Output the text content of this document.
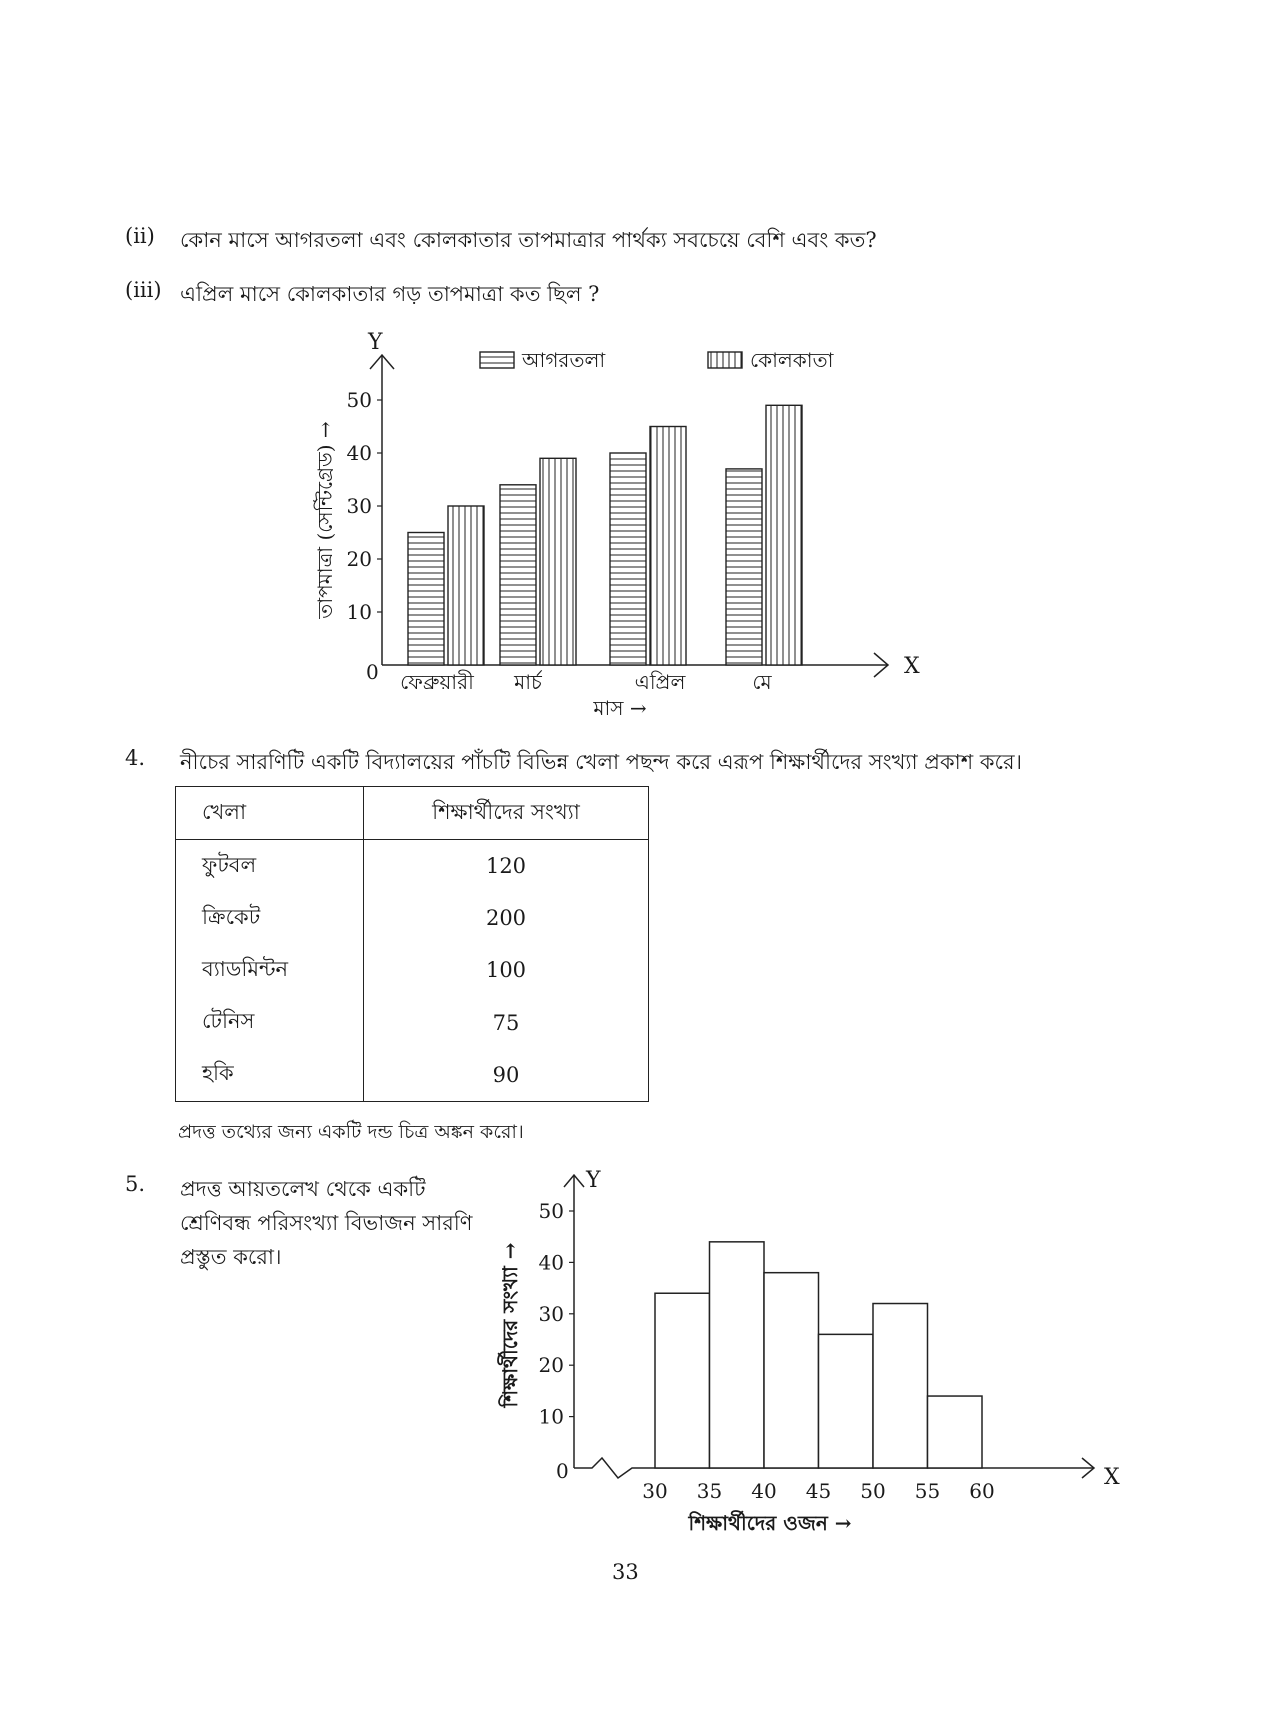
(ii) কোন মাসে আগরতলা এবং কোলকাতার তাপমাত্রার পার্থক্য সবচেয়ে বেশি এবং কত?
(iii) এপ্রিল মাসে কোলকাতার গড় তাপমাত্রা কত ছিল ?
X
Y
0
10
20
30
40
50
ফেব্রুয়ারী মার্চ	এপ্রিল	মে
মাস →
তাপমাত্রা (সেন্টিগ্রেড) →
আগরতলা	কোলকাতা
4. নীচের সারণিটি একটি বিদ্যালয়ের পাঁচটি বিভিন্ন খেলা পছন্দ করে এরূপ শিক্ষার্থীদের সংখ্যা প্রকাশ করে।
খেলা	শিক্ষার্থীদের সংখ্যা
ফুটবল	120
ক্রিকেট	200
ব্যাডমিন্টন	100
টেনিস	75
হকি	90
প্রদত্ত তথ্যের জন্য একটি দন্ড চিত্র অঙ্কন করো।
5. প্রদত্ত আয়তলেখ থেকে একটি
শ্রেণিবন্ধ পরিসংখ্যা বিভাজন সারণি
প্রস্তুত করো।
Y
X
0
10
20
30
40
50
30 35 40 45 50 55 60
শিক্ষার্থীদের ওজন →
শিক্ষার্থীদের সংখ্যা →
33
